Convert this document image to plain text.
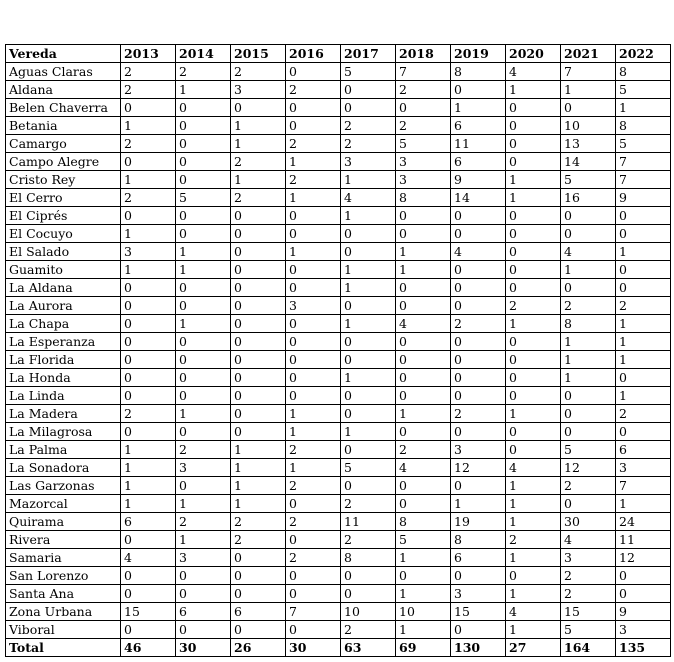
Vereda	2013	2014	2015	2016	2017	2018	2019	2020	2021	2022
Aguas Claras	2	2	2	0	5	7	8	4	7	8
Aldana	2	1	3	2	0	2	0	1	1	5
Belen Chaverra	0	0	0	0	0	0	1	0	0	1
Betania	1	0	1	0	2	2	6	0	10	8
Camargo	2	0	1	2	2	5	11	0	13	5
Campo Alegre	0	0	2	1	3	3	6	0	14	7
Cristo Rey	1	0	1	2	1	3	9	1	5	7
El Cerro	2	5	2	1	4	8	14	1	16	9
El Ciprés	0	0	0	0	1	0	0	0	0	0
El Cocuyo	1	0	0	0	0	0	0	0	0	0
El Salado	3	1	0	1	0	1	4	0	4	1
Guamito	1	1	0	0	1	1	0	0	1	0
La Aldana	0	0	0	0	1	0	0	0	0	0
La Aurora	0	0	0	3	0	0	0	2	2	2
La Chapa	0	1	0	0	1	4	2	1	8	1
La Esperanza	0	0	0	0	0	0	0	0	1	1
La Florida	0	0	0	0	0	0	0	0	1	1
La Honda	0	0	0	0	1	0	0	0	1	0
La Linda	0	0	0	0	0	0	0	0	0	1
La Madera	2	1	0	1	0	1	2	1	0	2
La Milagrosa	0	0	0	1	1	0	0	0	0	0
La Palma	1	2	1	2	0	2	3	0	5	6
La Sonadora	1	3	1	1	5	4	12	4	12	3
Las Garzonas	1	0	1	2	0	0	0	1	2	7
Mazorcal	1	1	1	0	2	0	1	1	0	1
Quirama	6	2	2	2	11	8	19	1	30	24
Rivera	0	1	2	0	2	5	8	2	4	11
Samaria	4	3	0	2	8	1	6	1	3	12
San Lorenzo	0	0	0	0	0	0	0	0	2	0
Santa Ana	0	0	0	0	0	1	3	1	2	0
Zona Urbana	15	6	6	7	10	10	15	4	15	9
Viboral	0	0	0	0	2	1	0	1	5	3
Total	46	30	26	30	63	69	130	27	164	135
